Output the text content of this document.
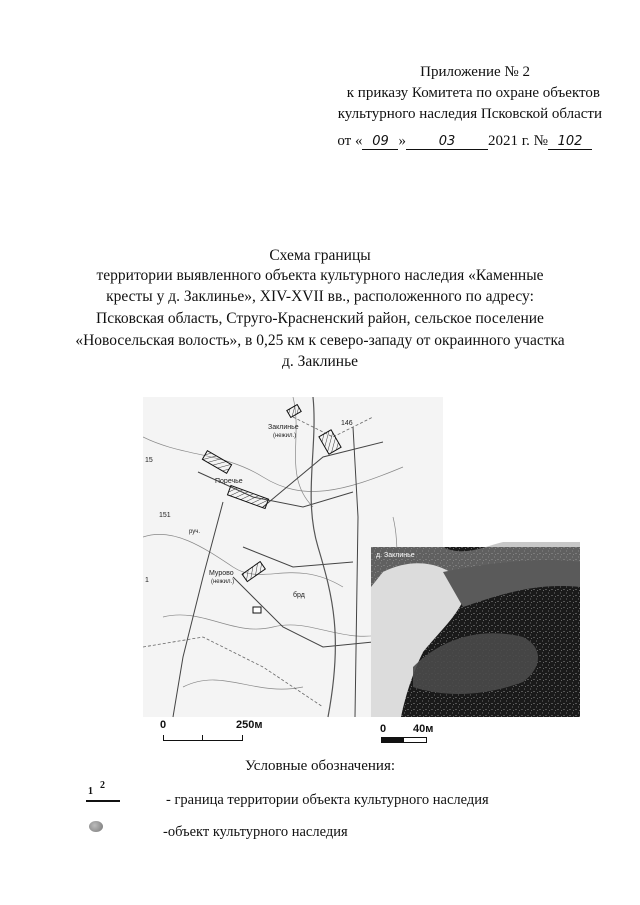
Приложение № 2
к приказу Комитета по охране объектов
культурного наследия Псковской области
от « 09 »	03 2021 г. № 102
Схема границы
территории выявленного объекта культурного наследия «Каменные
кресты у д. Заклинье», XIV-XVII вв., расположенного по адресу:
Псковская область, Струго-Красненский район, сельское поселение
«Новосельская волость», в 0,25 км к северо-западу от окраинного участка
д. Заклинье
Заклинье
(нежил.)
146
Поречье
15
151
1
Мурово
(нежил.)
брд
руч.
д. Заклинье
0	250м	0 40м
Условные обозначения:
1
2
- граница территории объекта культурного наследия
-объект культурного наследия
